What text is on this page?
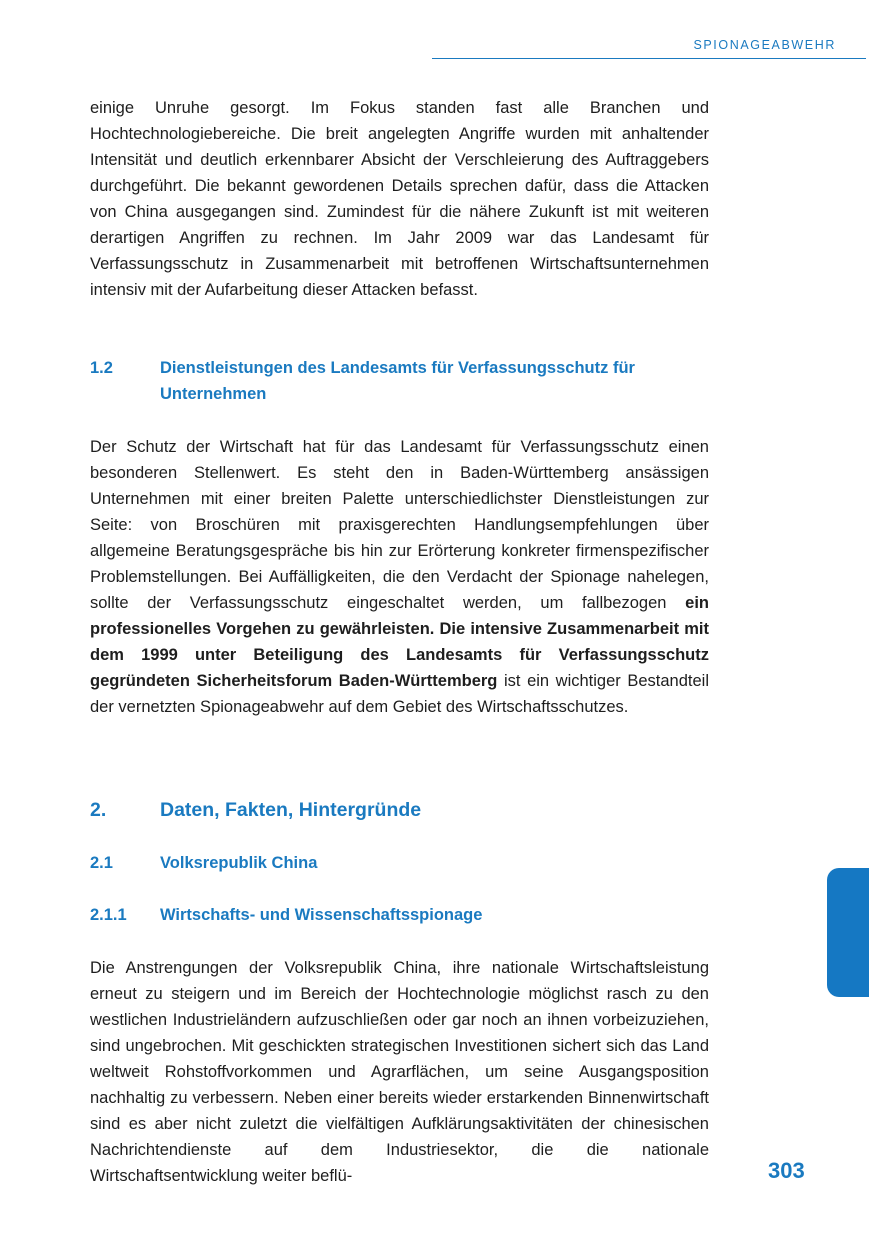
SPIONAGEABWEHR

einige Unruhe gesorgt. Im Fokus standen fast alle Branchen und Hochtechnologiebereiche. Die breit angelegten Angriffe wurden mit anhaltender Intensität und deutlich erkennbarer Absicht der Verschleierung des Auftraggebers durchgeführt. Die bekannt gewordenen Details sprechen dafür, dass die Attacken von China ausgegangen sind. Zumindest für die nähere Zukunft ist mit weiteren derartigen Angriffen zu rechnen. Im Jahr 2009 war das Landesamt für Verfassungsschutz in Zusammenarbeit mit betroffenen Wirtschaftsunternehmen intensiv mit der Aufarbeitung dieser Attacken befasst.

1.2	Dienstleistungen des Landesamts für Verfassungsschutz für Unternehmen

Der Schutz der Wirtschaft hat für das Landesamt für Verfassungsschutz einen besonderen Stellenwert. Es steht den in Baden-Württemberg ansässigen Unternehmen mit einer breiten Palette unterschiedlichster Dienstleistungen zur Seite: von Broschüren mit praxisgerechten Handlungsempfehlungen über allgemeine Beratungsgespräche bis hin zur Erörterung konkreter firmenspezifischer Problemstellungen. Bei Auffälligkeiten, die den Verdacht der Spionage nahelegen, sollte der Verfassungsschutz eingeschaltet werden, um fallbezogen ein professionelles Vorgehen zu gewährleisten. Die intensive Zusammenarbeit mit dem 1999 unter Beteiligung des Landesamts für Verfassungsschutz gegründeten Sicherheitsforum Baden-Württemberg ist ein wichtiger Bestandteil der vernetzten Spionageabwehr auf dem Gebiet des Wirtschaftsschutzes.

2.	Daten, Fakten, Hintergründe
2.1	Volksrepublik China
2.1.1 Wirtschafts- und Wissenschaftsspionage

Die Anstrengungen der Volksrepublik China, ihre nationale Wirtschaftsleistung erneut zu steigern und im Bereich der Hochtechnologie möglichst rasch zu den westlichen Industrieländern aufzuschließen oder gar noch an ihnen vorbeizuziehen, sind ungebrochen. Mit geschickten strategischen Investitionen sichert sich das Land weltweit Rohstoffvorkommen und Agrarflächen, um seine Ausgangsposition nachhaltig zu verbessern. Neben einer bereits wieder erstarkenden Binnenwirtschaft sind es aber nicht zuletzt die vielfältigen Aufklärungsaktivitäten der chinesischen Nachrichtendienste auf dem Industriesektor, die die nationale Wirtschaftsentwicklung weiter beflü-	303
